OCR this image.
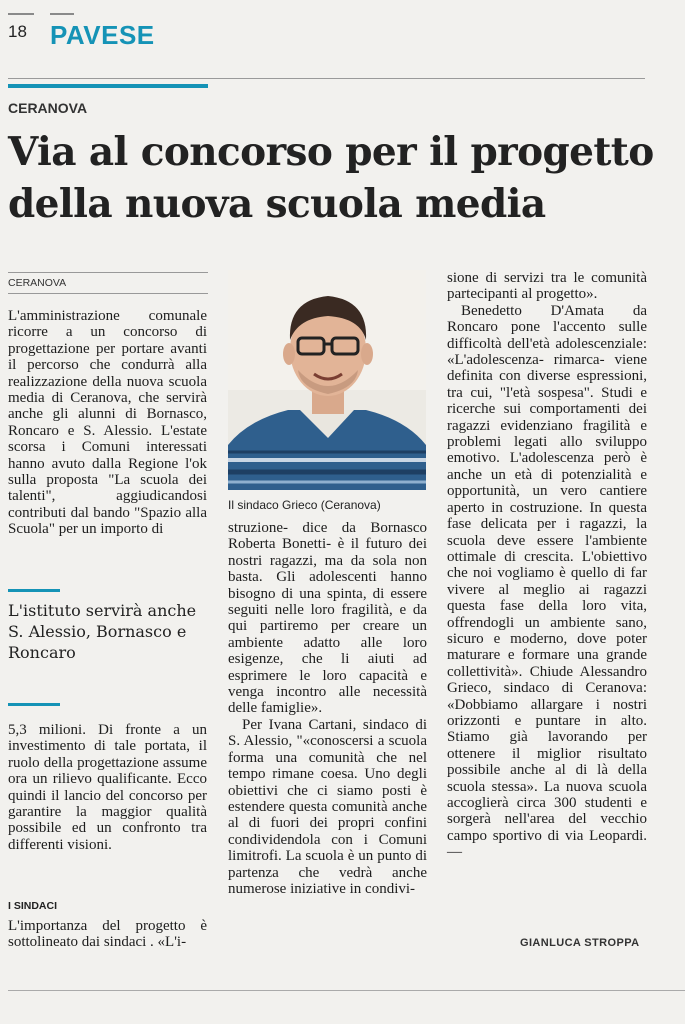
18 PAVESE
CERANOVA
Via al concorso per il progetto della nuova scuola media
CERANOVA

L'amministrazione comunale ricorre a un concorso di progettazione per portare avanti il percorso che condurrà alla realizzazione della nuova scuola media di Ceranova, che servirà anche gli alunni di Bornasco, Roncaro e S. Alessio. L'estate scorsa i Comuni interessati hanno avuto dalla Regione l'ok sulla proposta "La scuola dei talenti", aggiudicandosi contributi dal bando "Spazio alla Scuola" per un importo di

L'istituto servirà anche S. Alessio, Bornasco e Roncaro

5,3 milioni. Di fronte a un investimento di tale portata, il ruolo della progettazione assume ora un rilievo qualificante. Ecco quindi il lancio del concorso per garantire la maggior qualità possibile ed un confronto tra differenti visioni.

I SINDACI

L'importanza del progetto è sottolineato dai sindaci . «L'i-

Il sindaco Grieco (Ceranova)

struzione- dice da Bornasco Roberta Bonetti- è il futuro dei nostri ragazzi, ma da sola non basta. Gli adolescenti hanno bisogno di una spinta, di essere seguiti nelle loro fragilità, e da qui partiremo per creare un ambiente adatto alle loro esigenze, che li aiuti ad esprimere le loro capacità e venga incontro alle necessità delle famiglie».

Per Ivana Cartani, sindaco di S. Alessio, "«conoscersi a scuola forma una comunità che nel tempo rimane coesa. Uno degli obiettivi che ci siamo posti è estendere questa comunità anche al di fuori dei propri confini condividendola con i Comuni limitrofi. La scuola è un punto di partenza che vedrà anche numerose iniziative in condivi-

sione di servizi tra le comunità partecipanti al progetto».

Benedetto D'Amata da Roncaro pone l'accento sulle difficoltà dell'età adolescenziale: «L'adolescenza- rimarca- viene definita con diverse espressioni, tra cui, "l'età sospesa". Studi e ricerche sui comportamenti dei ragazzi evidenziano fragilità e problemi legati allo sviluppo emotivo. L'adolescenza però è anche un età di potenzialità e opportunità, un vero cantiere aperto in costruzione. In questa fase delicata per i ragazzi, la scuola deve essere l'ambiente ottimale di crescita. L'obiettivo che noi vogliamo è quello di far vivere al meglio ai ragazzi questa fase della loro vita, offrendogli un ambiente sano, sicuro e moderno, dove poter maturare e formare una grande collettività». Chiude Alessandro Grieco, sindaco di Ceranova: «Dobbiamo allargare i nostri orizzonti e puntare in alto. Stiamo già lavorando per ottenere il miglior risultato possibile anche al di là della scuola stessa». La nuova scuola accoglierà circa 300 studenti e sorgerà nell'area del vecchio campo sportivo di via Leopardi. —

GIANLUCA STROPPA
